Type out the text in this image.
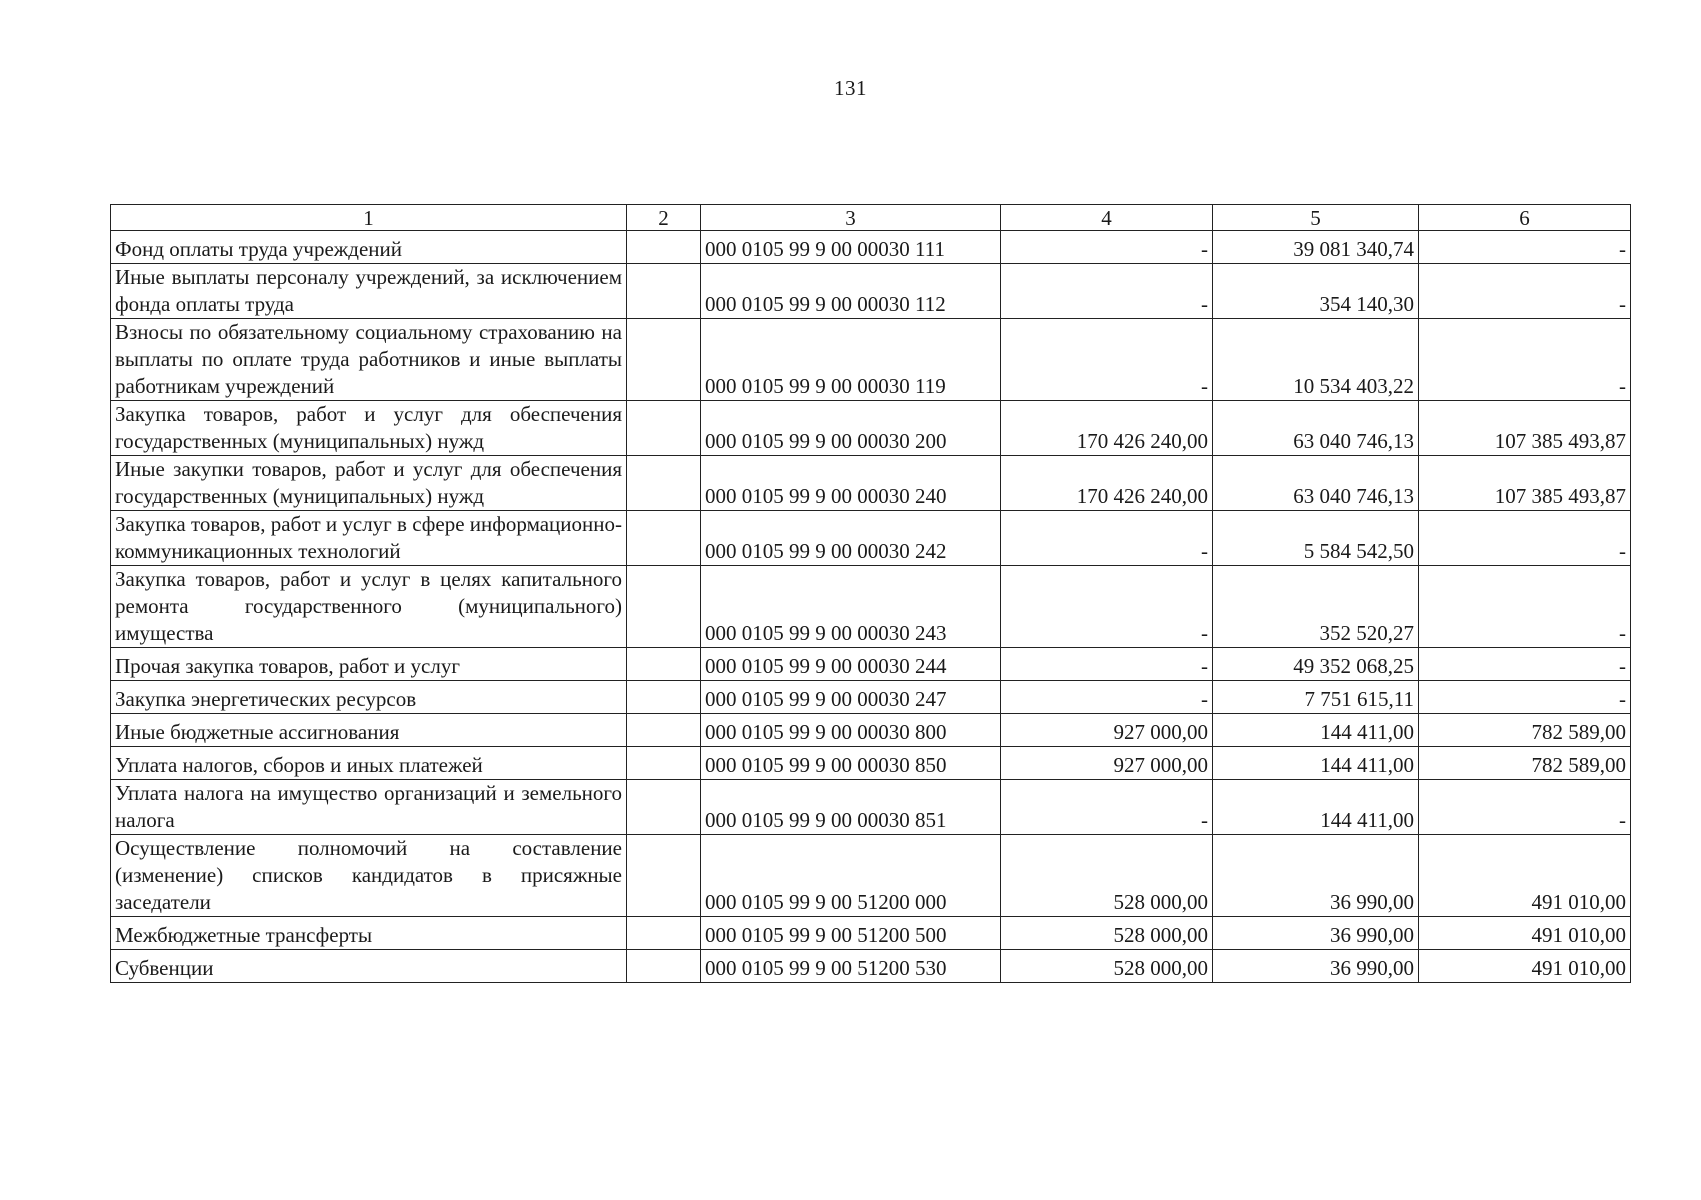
131
1	2	3	4	5	6
Фонд оплаты труда учреждений		000 0105 99 9 00 00030 111	-	39 081 340,74	-
Иные выплаты персоналу учреждений, за исключением фонда оплаты труда		000 0105 99 9 00 00030 112	-	354 140,30	-
Взносы по обязательному социальному страхованию на выплаты по оплате труда работников и иные выплаты работникам учреждений		000 0105 99 9 00 00030 119	-	10 534 403,22	-
Закупка товаров, работ и услуг для обеспечения государственных (муниципальных) нужд		000 0105 99 9 00 00030 200	170 426 240,00	63 040 746,13	107 385 493,87
Иные закупки товаров, работ и услуг для обеспечения государственных (муниципальных) нужд		000 0105 99 9 00 00030 240	170 426 240,00	63 040 746,13	107 385 493,87
Закупка товаров, работ и услуг в сфере информационно-коммуникационных технологий		000 0105 99 9 00 00030 242	-	5 584 542,50	-
Закупка товаров, работ и услуг в целях капитального ремонта государственного (муниципального) имущества		000 0105 99 9 00 00030 243	-	352 520,27	-
Прочая закупка товаров, работ и услуг		000 0105 99 9 00 00030 244	-	49 352 068,25	-
Закупка энергетических ресурсов		000 0105 99 9 00 00030 247	-	7 751 615,11	-
Иные бюджетные ассигнования		000 0105 99 9 00 00030 800	927 000,00	144 411,00	782 589,00
Уплата налогов, сборов и иных платежей		000 0105 99 9 00 00030 850	927 000,00	144 411,00	782 589,00
Уплата налога на имущество организаций и земельного налога		000 0105 99 9 00 00030 851	-	144 411,00	-
Осуществление полномочий на составление (изменение) списков кандидатов в присяжные заседатели		000 0105 99 9 00 51200 000	528 000,00	36 990,00	491 010,00
Межбюджетные трансферты		000 0105 99 9 00 51200 500	528 000,00	36 990,00	491 010,00
Субвенции		000 0105 99 9 00 51200 530	528 000,00	36 990,00	491 010,00
